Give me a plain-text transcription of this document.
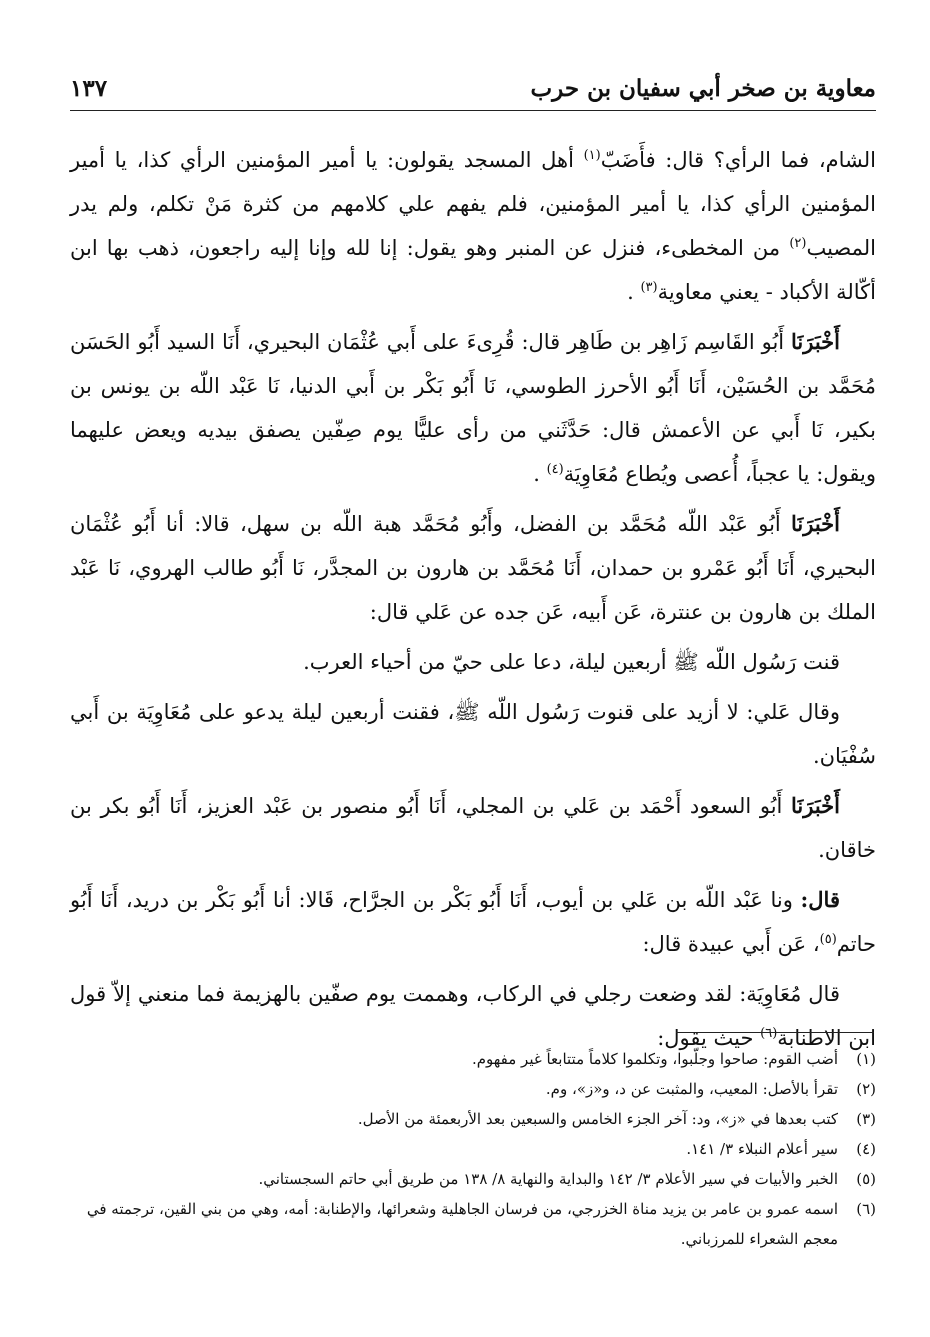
معاوية بن صخر أبي سفيان بن حرب
١٣٧

الشام، فما الرأي؟ قال: فأَضَبّ$^{(١)}$ أهل المسجد يقولون: يا أمير المؤمنين الرأي كذا، يا أمير المؤمنين الرأي كذا، يا أمير المؤمنين، فلم يفهم علي كلامهم من كثرة مَنْ تكلم، ولم يدر المصيب$^{(٢)}$ من المخطىء، فنزل عن المنبر وهو يقول: إنا لله وإنا إليه راجعون، ذهب بها ابن أكّالة الأكباد - يعني معاوية$^{(٣)}$ .

أَخْبَرَنَا أَبُو القَاسِم زَاهِر بن طَاهِر قال: قُرِىءَ على أَبي عُثْمَان البحيري، أَنَا السيد أَبُو الحَسَن مُحَمَّد بن الحُسَيْن، أَنَا أَبُو الأحرز الطوسي، نَا أَبُو بَكْر بن أَبي الدنيا، نَا عَبْد اللّه بن يونس بن بكير، نَا أَبي عن الأعمش قال: حَدَّثَني من رأى عليًّا يوم صِفّين يصفق بيديه ويعض عليهما ويقول: يا عجباً، أُعصى ويُطاع مُعَاوِيَة$^{(٤)}$ .

أَخْبَرَنَا أَبُو عَبْد اللّه مُحَمَّد بن الفضل، وأَبُو مُحَمَّد هبة اللّه بن سهل، قالا: أنا أَبُو عُثْمَان البحيري، أَنَا أَبُو عَمْرو بن حمدان، أَنَا مُحَمَّد بن هارون بن المجدَّر، نَا أَبُو طالب الهروي، نَا عَبْد الملك بن هارون بن عنترة، عَن أَبيه، عَن جده عن عَلي قال:

قنت رَسُول اللّه ﷺ أربعين ليلة، دعا على حيّ من أحياء العرب.

وقال عَلي: لا أزيد على قنوت رَسُول اللّه ﷺ، فقنت أربعين ليلة يدعو على مُعَاوِيَة بن أَبي سُفْيَان.

أَخْبَرَنَا أَبُو السعود أَحْمَد بن عَلي بن المجلي، أَنَا أَبُو منصور بن عَبْد العزيز، أَنَا أَبُو بكر بن خاقان.

قال: ونا عَبْد اللّه بن عَلي بن أيوب، أَنَا أَبُو بَكْر بن الجرَّاح، قَالا: أنا أَبُو بَكْر بن دريد، أَنَا أَبُو حاتم$^{(٥)}$، عَن أَبي عبيدة قال:

قال مُعَاوِيَة: لقد وضعت رجلي في الركاب، وهممت يوم صفّين بالهزيمة فما منعني إلاّ قول ابن الاطنابة$^{(٦)}$ حيث يقول:

(١)
أضب القوم: صاحوا وجلّبوا، وتكلموا كلاماً متتابعاً غير مفهوم.
(٢)
تقرأ بالأصل: المعيب، والمثبت عن د، و«ز»، وم.
(٣)
كتب بعدها في «ز»، ود: آخر الجزء الخامس والسبعين بعد الأربعمئة من الأصل.
(٤)
سير أعلام النبلاء ٣/ ١٤١.
(٥)
الخبر والأبيات في سير الأعلام ٣/ ١٤٢ والبداية والنهاية ٨/ ١٣٨ من طريق أبي حاتم السجستاني.
(٦)
اسمه عمرو بن عامر بن يزيد مناة الخزرجي، من فرسان الجاهلية وشعرائها، والإطنابة: أمه، وهي من بني القين، ترجمته في معجم الشعراء للمرزباني.
